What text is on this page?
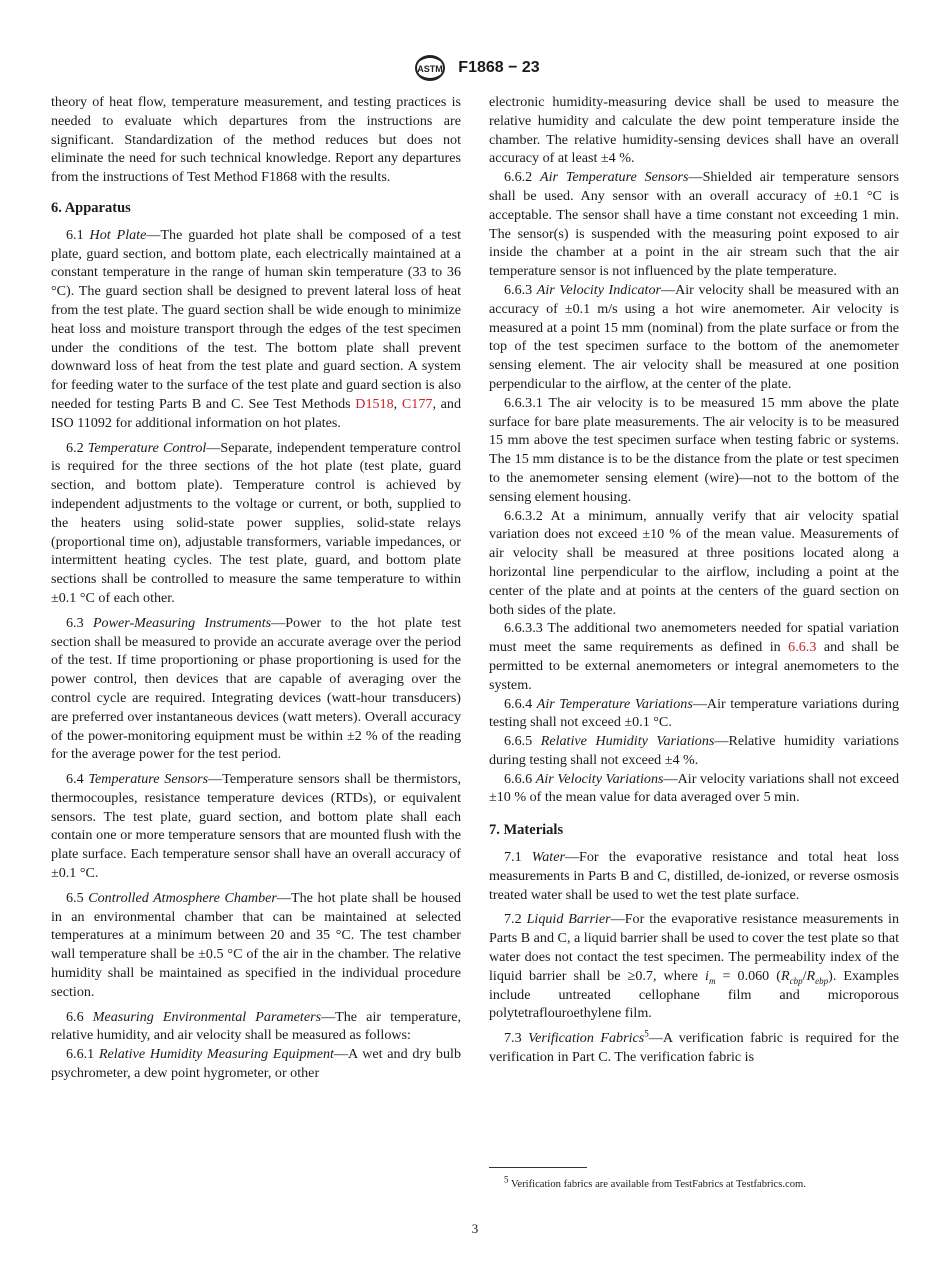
ASTM F1868 − 23

theory of heat flow, temperature measurement, and testing practices is needed to evaluate which departures from the instructions are significant. Standardization of the method reduces but does not eliminate the need for such technical knowledge. Report any departures from the instructions of Test Method F1868 with the results.

6. Apparatus

6.1 Hot Plate—The guarded hot plate shall be composed of a test plate, guard section, and bottom plate, each electrically maintained at a constant temperature in the range of human skin temperature (33 to 36 °C). The guard section shall be designed to prevent lateral loss of heat from the test plate. The guard section shall be wide enough to minimize heat loss and moisture transport through the edges of the test specimen under the conditions of the test. The bottom plate shall prevent downward loss of heat from the test plate and guard section. A system for feeding water to the surface of the test plate and guard section is also needed for testing Parts B and C. See Test Methods D1518, C177, and ISO 11092 for additional information on hot plates.

6.2 Temperature Control—Separate, independent temperature control is required for the three sections of the hot plate (test plate, guard section, and bottom plate). Temperature control is achieved by independent adjustments to the voltage or current, or both, supplied to the heaters using solid-state power supplies, solid-state relays (proportional time on), adjustable transformers, variable impedances, or intermittent heating cycles. The test plate, guard, and bottom plate sections shall be controlled to measure the same temperature to within ±0.1 °C of each other.

6.3 Power-Measuring Instruments—Power to the hot plate test section shall be measured to provide an accurate average over the period of the test. If time proportioning or phase proportioning is used for the power control, then devices that are capable of averaging over the control cycle are required. Integrating devices (watt-hour transducers) are preferred over instantaneous devices (watt meters). Overall accuracy of the power-monitoring equipment must be within ±2 % of the reading for the average power for the test period.

6.4 Temperature Sensors—Temperature sensors shall be thermistors, thermocouples, resistance temperature devices (RTDs), or equivalent sensors. The test plate, guard section, and bottom plate shall each contain one or more temperature sensors that are mounted flush with the plate surface. Each temperature sensor shall have an overall accuracy of ±0.1 °C.

6.5 Controlled Atmosphere Chamber—The hot plate shall be housed in an environmental chamber that can be maintained at selected temperatures at a minimum between 20 and 35 °C. The test chamber wall temperature shall be ±0.5 °C of the air in the chamber. The relative humidity shall be maintained as specified in the individual procedure section.

6.6 Measuring Environmental Parameters—The air temperature, relative humidity, and air velocity shall be measured as follows:

6.6.1 Relative Humidity Measuring Equipment—A wet and dry bulb psychrometer, a dew point hygrometer, or other

electronic humidity-measuring device shall be used to measure the relative humidity and calculate the dew point temperature inside the chamber. The relative humidity-sensing devices shall have an overall accuracy of at least ±4 %.

6.6.2 Air Temperature Sensors—Shielded air temperature sensors shall be used. Any sensor with an overall accuracy of ±0.1 °C is acceptable. The sensor shall have a time constant not exceeding 1 min. The sensor(s) is suspended with the measuring point exposed to air inside the chamber at a point in the air stream such that the air temperature sensor is not influenced by the plate temperature.

6.6.3 Air Velocity Indicator—Air velocity shall be measured with an accuracy of ±0.1 m/s using a hot wire anemometer. Air velocity is measured at a point 15 mm (nominal) from the plate surface or from the top of the test specimen surface to the bottom of the anemometer sensing element. The air velocity shall be measured at one position perpendicular to the airflow, at the center of the plate.

6.6.3.1 The air velocity is to be measured 15 mm above the plate surface for bare plate measurements. The air velocity is to be measured 15 mm above the test specimen surface when testing fabric or systems. The 15 mm distance is to be the distance from the plate or test specimen to the anemometer sensing element (wire)—not to the bottom of the sensing element housing.

6.6.3.2 At a minimum, annually verify that air velocity spatial variation does not exceed ±10 % of the mean value. Measurements of air velocity shall be measured at three positions located along a horizontal line perpendicular to the airflow, including a point at the center of the plate and at points at the centers of the guard section on both sides of the plate.

6.6.3.3 The additional two anemometers needed for spatial variation must meet the same requirements as defined in 6.6.3 and shall be permitted to be external anemometers or integral anemometers to the system.

6.6.4 Air Temperature Variations—Air temperature variations during testing shall not exceed ±0.1 °C.

6.6.5 Relative Humidity Variations—Relative humidity variations during testing shall not exceed ±4 %.

6.6.6 Air Velocity Variations—Air velocity variations shall not exceed ±10 % of the mean value for data averaged over 5 min.

7. Materials

7.1 Water—For the evaporative resistance and total heat loss measurements in Parts B and C, distilled, de-ionized, or reverse osmosis treated water shall be used to wet the test plate surface.

7.2 Liquid Barrier—For the evaporative resistance measurements in Parts B and C, a liquid barrier shall be used to cover the test plate so that water does not contact the test specimen. The permeability index of the liquid barrier shall be ≥0.7, where $i_m = 0.060$ $(R_{cbp}/R_{ebp})$. Examples include untreated cellophane film and microporous polytetraflouroethylene film.

7.3 Verification Fabrics$^5$—A verification fabric is required for the verification in Part C. The verification fabric is

$^5$ Verification fabrics are available from TestFabrics at Testfabrics.com.
3
